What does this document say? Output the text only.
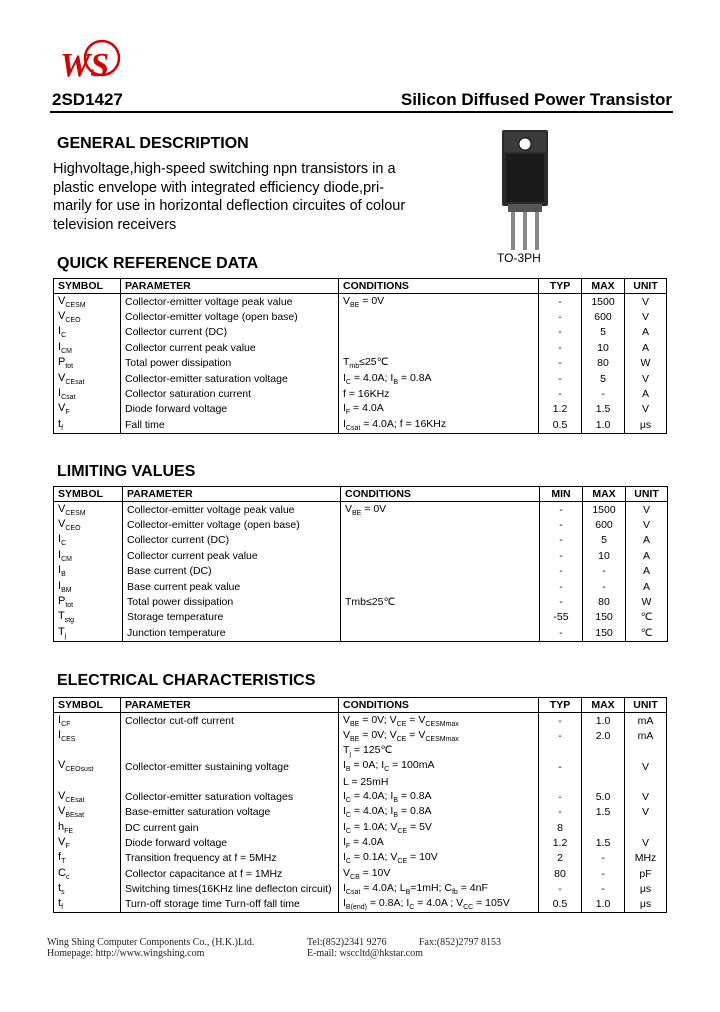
WS
2SD1427	Silicon Diffused Power Transistor
GENERAL DESCRIPTION
Highvoltage,high-speed switching npn transistors in a
plastic envelope with integrated efficiency diode,pri-
marily for use in horizontal deflection circuites of colour
television receivers
TO-3PH
QUICK REFERENCE DATA
SYMBOL	PARAMETER	CONDITIONS	TYP	MAX	UNIT
$V_{CESM}$	Collector-emitter voltage peak value	$V_{BE} = 0V$	-	1500	V
$V_{CEO}$	Collector-emitter voltage (open base)		-	600	V
$I_C$	Collector current (DC)		-	5	A
$I_{CM}$	Collector current peak value		-	10	A
$P_{tot}$	Total power dissipation	$T_{mb}\le 25℃$	-	80	W
$V_{CEsat}$	Collector-emitter saturation voltage	$I_C = 4.0A$; $I_B = 0.8A$	-	5	V
$I_{Csat}$	Collector saturation current	f = 16KHz	-	-	A
$V_F$	Diode forward voltage	$I_F = 4.0A$	1.2	1.5	V
$t_f$	Fall time	$I_{Csat} = 4.0A$; f = 16KHz	0.5	1.0	μs
LIMITING VALUES
SYMBOL	PARAMETER	CONDITIONS	MIN	MAX	UNIT
$V_{CESM}$	Collector-emitter voltage peak value	$V_{BE} = 0V$	-	1500	V
$V_{CEO}$	Collector-emitter voltage (open base)		-	600	V
$I_C$	Collector current (DC)		-	5	A
$I_{CM}$	Collector current peak value		-	10	A
$I_B$	Base current (DC)		-	-	A
$I_{BM}$	Base current peak value		-	-	A
$P_{tot}$	Total power dissipation	Tmb≤25℃	-	80	W
$T_{stg}$	Storage temperature		-55	150	℃
$T_j$	Junction temperature		-	150	℃
ELECTRICAL CHARACTERISTICS
SYMBOL	PARAMETER	CONDITIONS	TYP	MAX	UNIT
$I_{CF}$	Collector cut-off current	$V_{BE} = 0V$; $V_{CE} = V_{CESMmax}$	-	1.0	mA
$I_{CES}$		$V_{BE} = 0V$; $V_{CE} = V_{CESMmax}$	-	2.0	mA
		$T_j$ = 125℃			
$V_{CEOsust}$	Collector-emitter sustaining voltage	$I_B = 0A$; $I_C = 100mA$	-		V
		L = 25mH			
$V_{CEsat}$	Collector-emitter saturation voltages	$I_C = 4.0A$; $I_B = 0.8A$	-	5.0	V
$V_{BEsat}$	Base-emitter saturation voltage	$I_C = 4.0A$; $I_B = 0.8A$	-	1.5	V
$h_{FE}$	DC current gain	$I_C = 1.0A$; $V_{CE} = 5V$	8		
$V_F$	Diode forward voltage	$I_F = 4.0A$	1.2	1.5	V
$f_T$	Transition frequency at f = 5MHz	$I_C = 0.1A$; $V_{CE} = 10V$	2	-	MHz
$C_c$	Collector capacitance at f = 1MHz	$V_{CB} = 10V$	80	-	pF
$t_s$	Switching times(16KHz line deflecton circuit)	$I_{Csat} = 4.0A$; $L_B=1mH$; $C_{fb} = 4nF$	-	-	μs
$t_f$	Turn-off storage time Turn-off fall time	$I_{B(end)} = 0.8A$; $I_C = 4.0A$ ; $V_{CC} = 105V$	0.5	1.0	μs
Wing Shing Computer Components Co., (H.K.)Ltd.	Tel:(852)2341 9276	Fax:(852)2797 8153
Homepage: http://www.wingshing.com	E-mail: wsccltd@hkstar.com
